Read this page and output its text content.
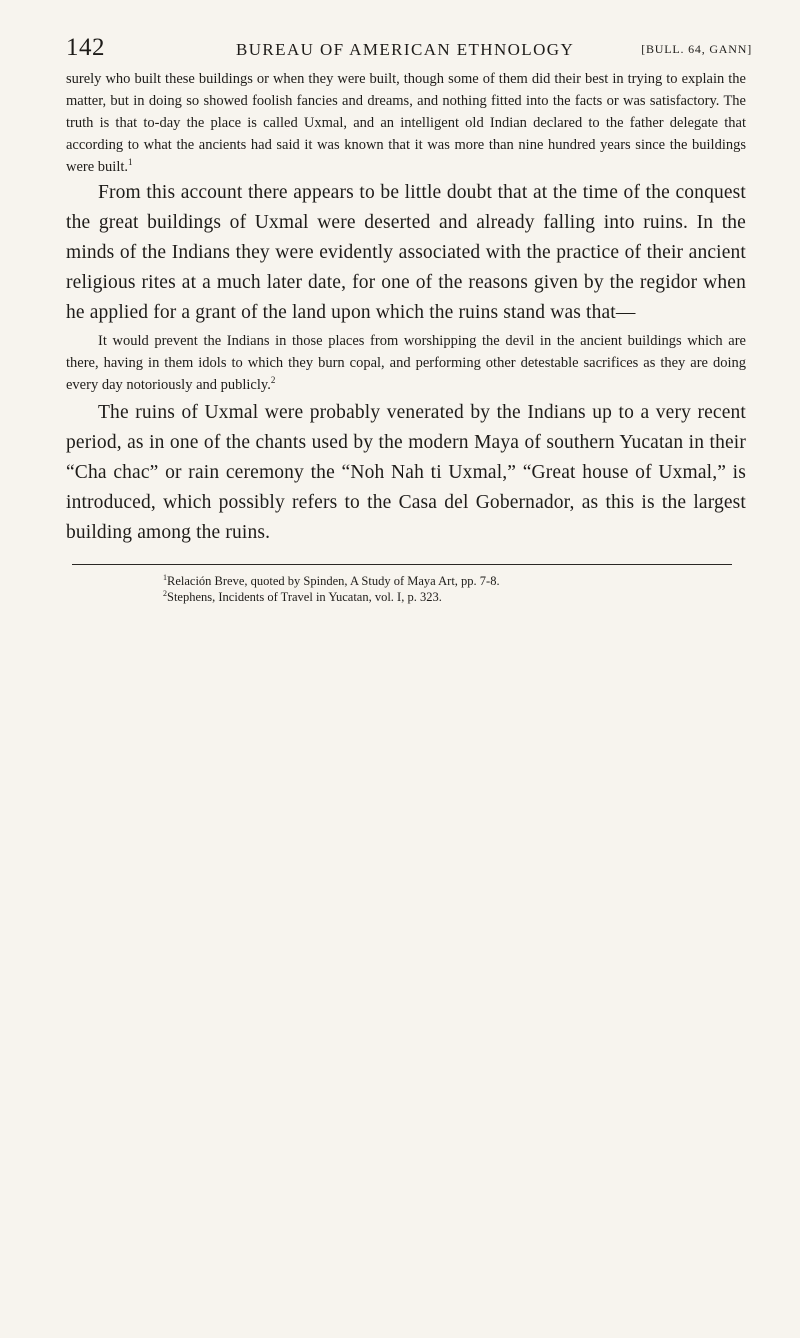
142	BUREAU OF AMERICAN ETHNOLOGY	[BULL. 64, GANN]

surely who built these buildings or when they were built, though some of them did their best in trying to explain the matter, but in doing so showed foolish fancies and dreams, and nothing fitted into the facts or was satisfactory. The truth is that to-day the place is called Uxmal, and an intelligent old Indian declared to the father delegate that according to what the ancients had said it was known that it was more than nine hundred years since the buildings were built.$^1$

From this account there appears to be little doubt that at the time of the conquest the great buildings of Uxmal were deserted and already falling into ruins. In the minds of the Indians they were evidently associated with the practice of their ancient religious rites at a much later date, for one of the reasons given by the regidor when he applied for a grant of the land upon which the ruins stand was that—

It would prevent the Indians in those places from worshipping the devil in the ancient buildings which are there, having in them idols to which they burn copal, and performing other detestable sacrifices as they are doing every day notoriously and publicly.$^2$

The ruins of Uxmal were probably venerated by the Indians up to a very recent period, as in one of the chants used by the modern Maya of southern Yucatan in their “Cha chac” or rain ceremony the “Noh Nah ti Uxmal,” “Great house of Uxmal,” is introduced, which possibly refers to the Casa del Gobernador, as this is the largest building among the ruins.

$^1$Relación Breve, quoted by Spinden, A Study of Maya Art, pp. 7-8.

$^2$Stephens, Incidents of Travel in Yucatan, vol. I, p. 323.
